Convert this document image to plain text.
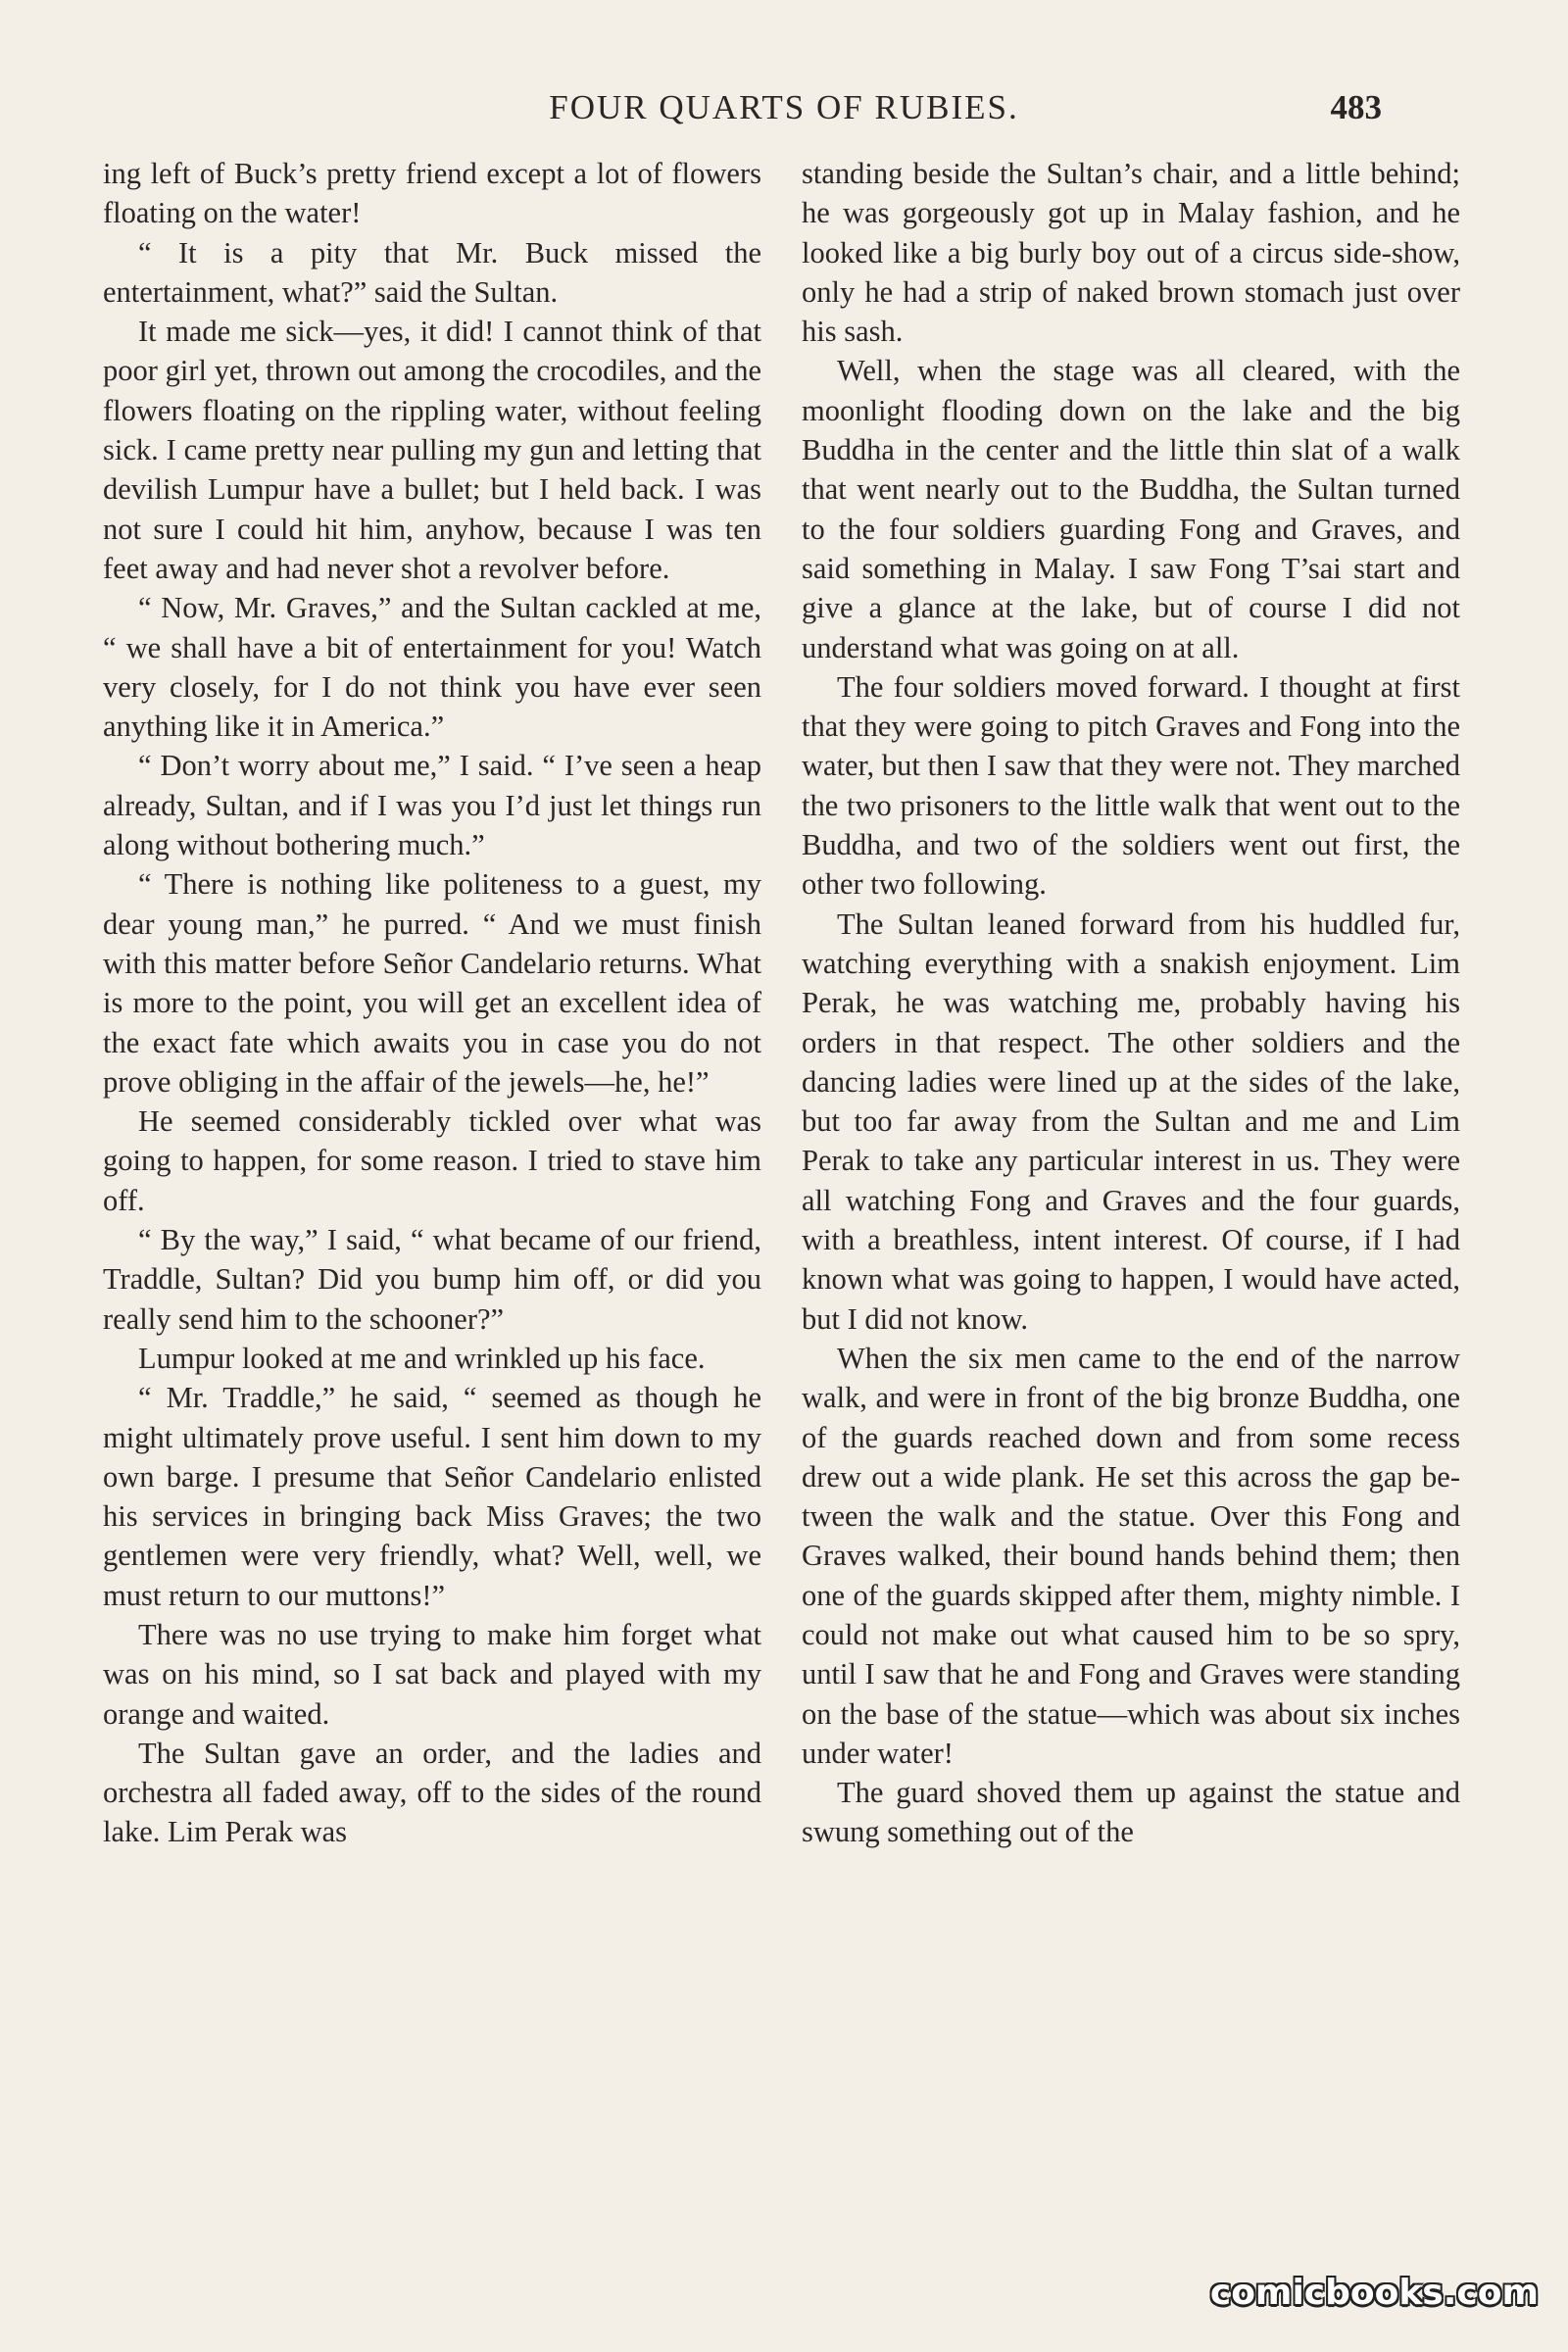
FOUR QUARTS OF RUBIES.	483

ing left of Buck’s pretty friend except a lot of flowers floating on the water!

“ It is a pity that Mr. Buck missed the entertainment, what?” said the Sultan.

It made me sick—yes, it did! I cannot think of that poor girl yet, thrown out among the crocodiles, and the flowers floating on the rippling water, without feeling sick. I came pretty near pulling my gun and letting that devilish Lumpur have a bullet; but I held back. I was not sure I could hit him, anyhow, because I was ten feet away and had never shot a revolver before.

“ Now, Mr. Graves,” and the Sultan cackled at me, “ we shall have a bit of entertainment for you! Watch very closely, for I do not think you have ever seen anything like it in America.”

“ Don’t worry about me,” I said. “ I’ve seen a heap already, Sultan, and if I was you I’d just let things run along without bothering much.”

“ There is nothing like politeness to a guest, my dear young man,” he purred. “ And we must finish with this matter before Señor Candelario returns. What is more to the point, you will get an excellent idea of the exact fate which awaits you in case you do not prove obliging in the affair of the jewels—he, he!”

He seemed considerably tickled over what was going to happen, for some reason. I tried to stave him off.

“ By the way,” I said, “ what became of our friend, Traddle, Sultan? Did you bump him off, or did you really send him to the schooner?”

Lumpur looked at me and wrinkled up his face.

“ Mr. Traddle,” he said, “ seemed as though he might ultimately prove useful. I sent him down to my own barge. I presume that Señor Candelario enlisted his services in bringing back Miss Graves; the two gentlemen were very friendly, what? Well, well, we must return to our muttons!”

There was no use trying to make him forget what was on his mind, so I sat back and played with my orange and waited.

The Sultan gave an order, and the ladies and orchestra all faded away, off to the sides of the round lake. Lim Perak was

standing beside the Sultan’s chair, and a little behind; he was gorgeously got up in Malay fashion, and he looked like a big burly boy out of a circus side-show, only he had a strip of naked brown stomach just over his sash.

Well, when the stage was all cleared, with the moonlight flooding down on the lake and the big Buddha in the center and the little thin slat of a walk that went nearly out to the Buddha, the Sultan turned to the four soldiers guarding Fong and Graves, and said something in Malay. I saw Fong T’sai start and give a glance at the lake, but of course I did not understand what was going on at all.

The four soldiers moved forward. I thought at first that they were going to pitch Graves and Fong into the water, but then I saw that they were not. They marched the two prisoners to the little walk that went out to the Buddha, and two of the soldiers went out first, the other two following.

The Sultan leaned forward from his huddled fur, watching everything with a snakish enjoyment. Lim Perak, he was watching me, probably having his orders in that respect. The other soldiers and the dancing ladies were lined up at the sides of the lake, but too far away from the Sultan and me and Lim Perak to take any particular interest in us. They were all watching Fong and Graves and the four guards, with a breathless, intent interest. Of course, if I had known what was going to happen, I would have acted, but I did not know.

When the six men came to the end of the narrow walk, and were in front of the big bronze Buddha, one of the guards reached down and from some recess drew out a wide plank. He set this across the gap between the walk and the statue. Over this Fong and Graves walked, their bound hands behind them; then one of the guards skipped after them, mighty nimble. I could not make out what caused him to be so spry, until I saw that he and Fong and Graves were standing on the base of the statue—which was about six inches under water!

The guard shoved them up against the statue and swung something out of the

comicbooks.com
